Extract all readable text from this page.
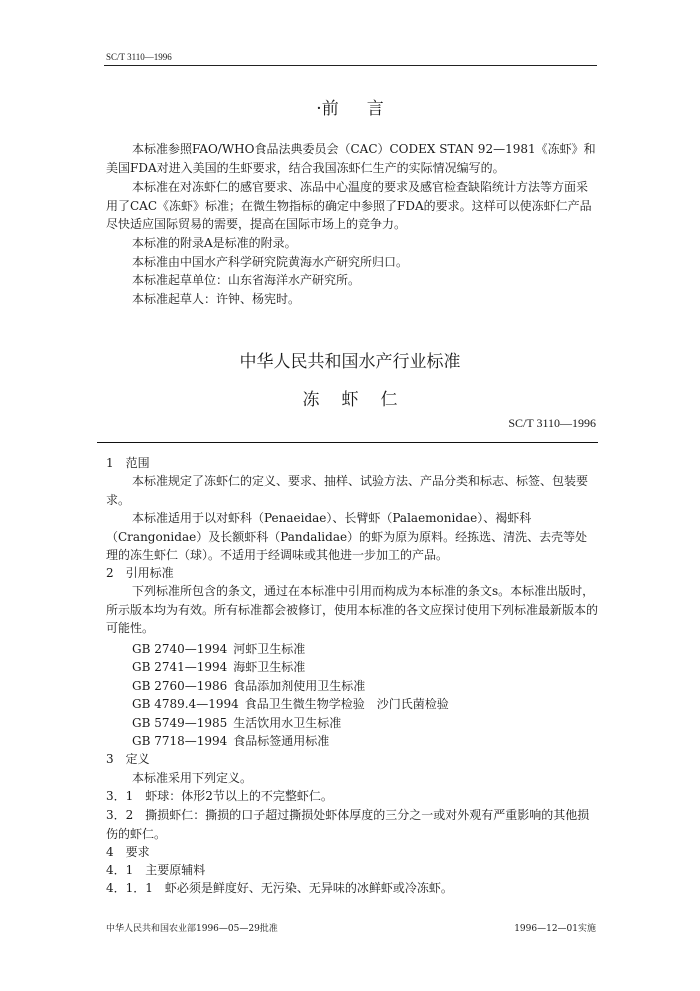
SC/T 3110—1996
·前 言

本标准参照FAO/WHO食品法典委员会（CAC）CODEX STAN 92—1981《冻虾》和美国FDA对进入美国的生虾要求，结合我国冻虾仁生产的实际情况编写的。

本标准在对冻虾仁的感官要求、冻品中心温度的要求及感官检查缺陷统计方法等方面采用了CAC《冻虾》标准；在微生物指标的确定中参照了FDA的要求。这样可以使冻虾仁产品尽快适应国际贸易的需要，提高在国际市场上的竞争力。

本标准的附录A是标准的附录。

本标准由中国水产科学研究院黄海水产研究所归口。

本标准起草单位：山东省海洋水产研究所。

本标准起草人：许钟、杨宪时。

中华人民共和国水产行业标准
冻 虾 仁
SC/T 3110—1996

1　范围

本标准规定了冻虾仁的定义、要求、抽样、试验方法、产品分类和标志、标签、包装要求。

本标准适用于以对虾科（Penaeidae）、长臂虾（Palaemonidae）、褐虾科（Crangonidae）及长额虾科（Pandalidae）的虾为原为原料。经拣选、清洗、去壳等处理的冻生虾仁（球）。不适用于经调味或其他进一步加工的产品。

2　引用标准

下列标准所包含的条文，通过在本标准中引用而构成为本标准的条文s。本标准出版时，所示版本均为有效。所有标准都会被修订，使用本标准的各文应探讨使用下列标准最新版本的可能性。

GB 2740—1994 河虾卫生标准
GB 2741—1994 海虾卫生标准
GB 2760—1986 食品添加剂使用卫生标准
GB 4789.4—1994 食品卫生微生物学检验　沙门氏菌检验
GB 5749—1985 生活饮用水卫生标准
GB 7718—1994 食品标签通用标准

3　定义

本标准采用下列定义。

3．1　虾球：体形2节以上的不完整虾仁。

3．2　撕损虾仁：撕损的口子超过撕损处虾体厚度的三分之一或对外观有严重影响的其他损伤的虾仁。

4　要求

4．1　主要原辅料

4．1．1　虾必须是鲜度好、无污染、无异味的冰鲜虾或冷冻虾。

中华人民共和国农业部1996—05—29批准	1996—12—01实施
